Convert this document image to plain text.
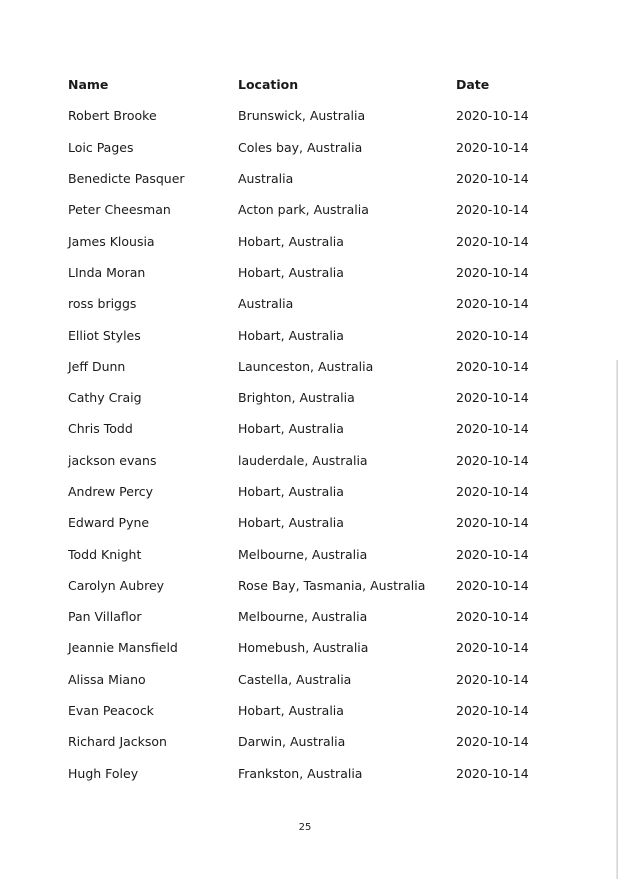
Name	Location	Date
Robert Brooke	Brunswick, Australia	2020-10-14
Loic Pages	Coles bay, Australia	2020-10-14
Benedicte Pasquer	Australia	2020-10-14
Peter Cheesman	Acton park, Australia	2020-10-14
James Klousia	Hobart, Australia	2020-10-14
LInda Moran	Hobart, Australia	2020-10-14
ross briggs	Australia	2020-10-14
Elliot Styles	Hobart, Australia	2020-10-14
Jeff Dunn	Launceston, Australia	2020-10-14
Cathy Craig	Brighton, Australia	2020-10-14
Chris Todd	Hobart, Australia	2020-10-14
jackson evans	lauderdale, Australia	2020-10-14
Andrew Percy	Hobart, Australia	2020-10-14
Edward Pyne	Hobart, Australia	2020-10-14
Todd Knight	Melbourne, Australia	2020-10-14
Carolyn Aubrey	Rose Bay, Tasmania, Australia	2020-10-14
Pan Villaflor	Melbourne, Australia	2020-10-14
Jeannie Mansfield	Homebush, Australia	2020-10-14
Alissa Miano	Castella, Australia	2020-10-14
Evan Peacock	Hobart, Australia	2020-10-14
Richard Jackson	Darwin, Australia	2020-10-14
Hugh Foley	Frankston, Australia	2020-10-14
25
